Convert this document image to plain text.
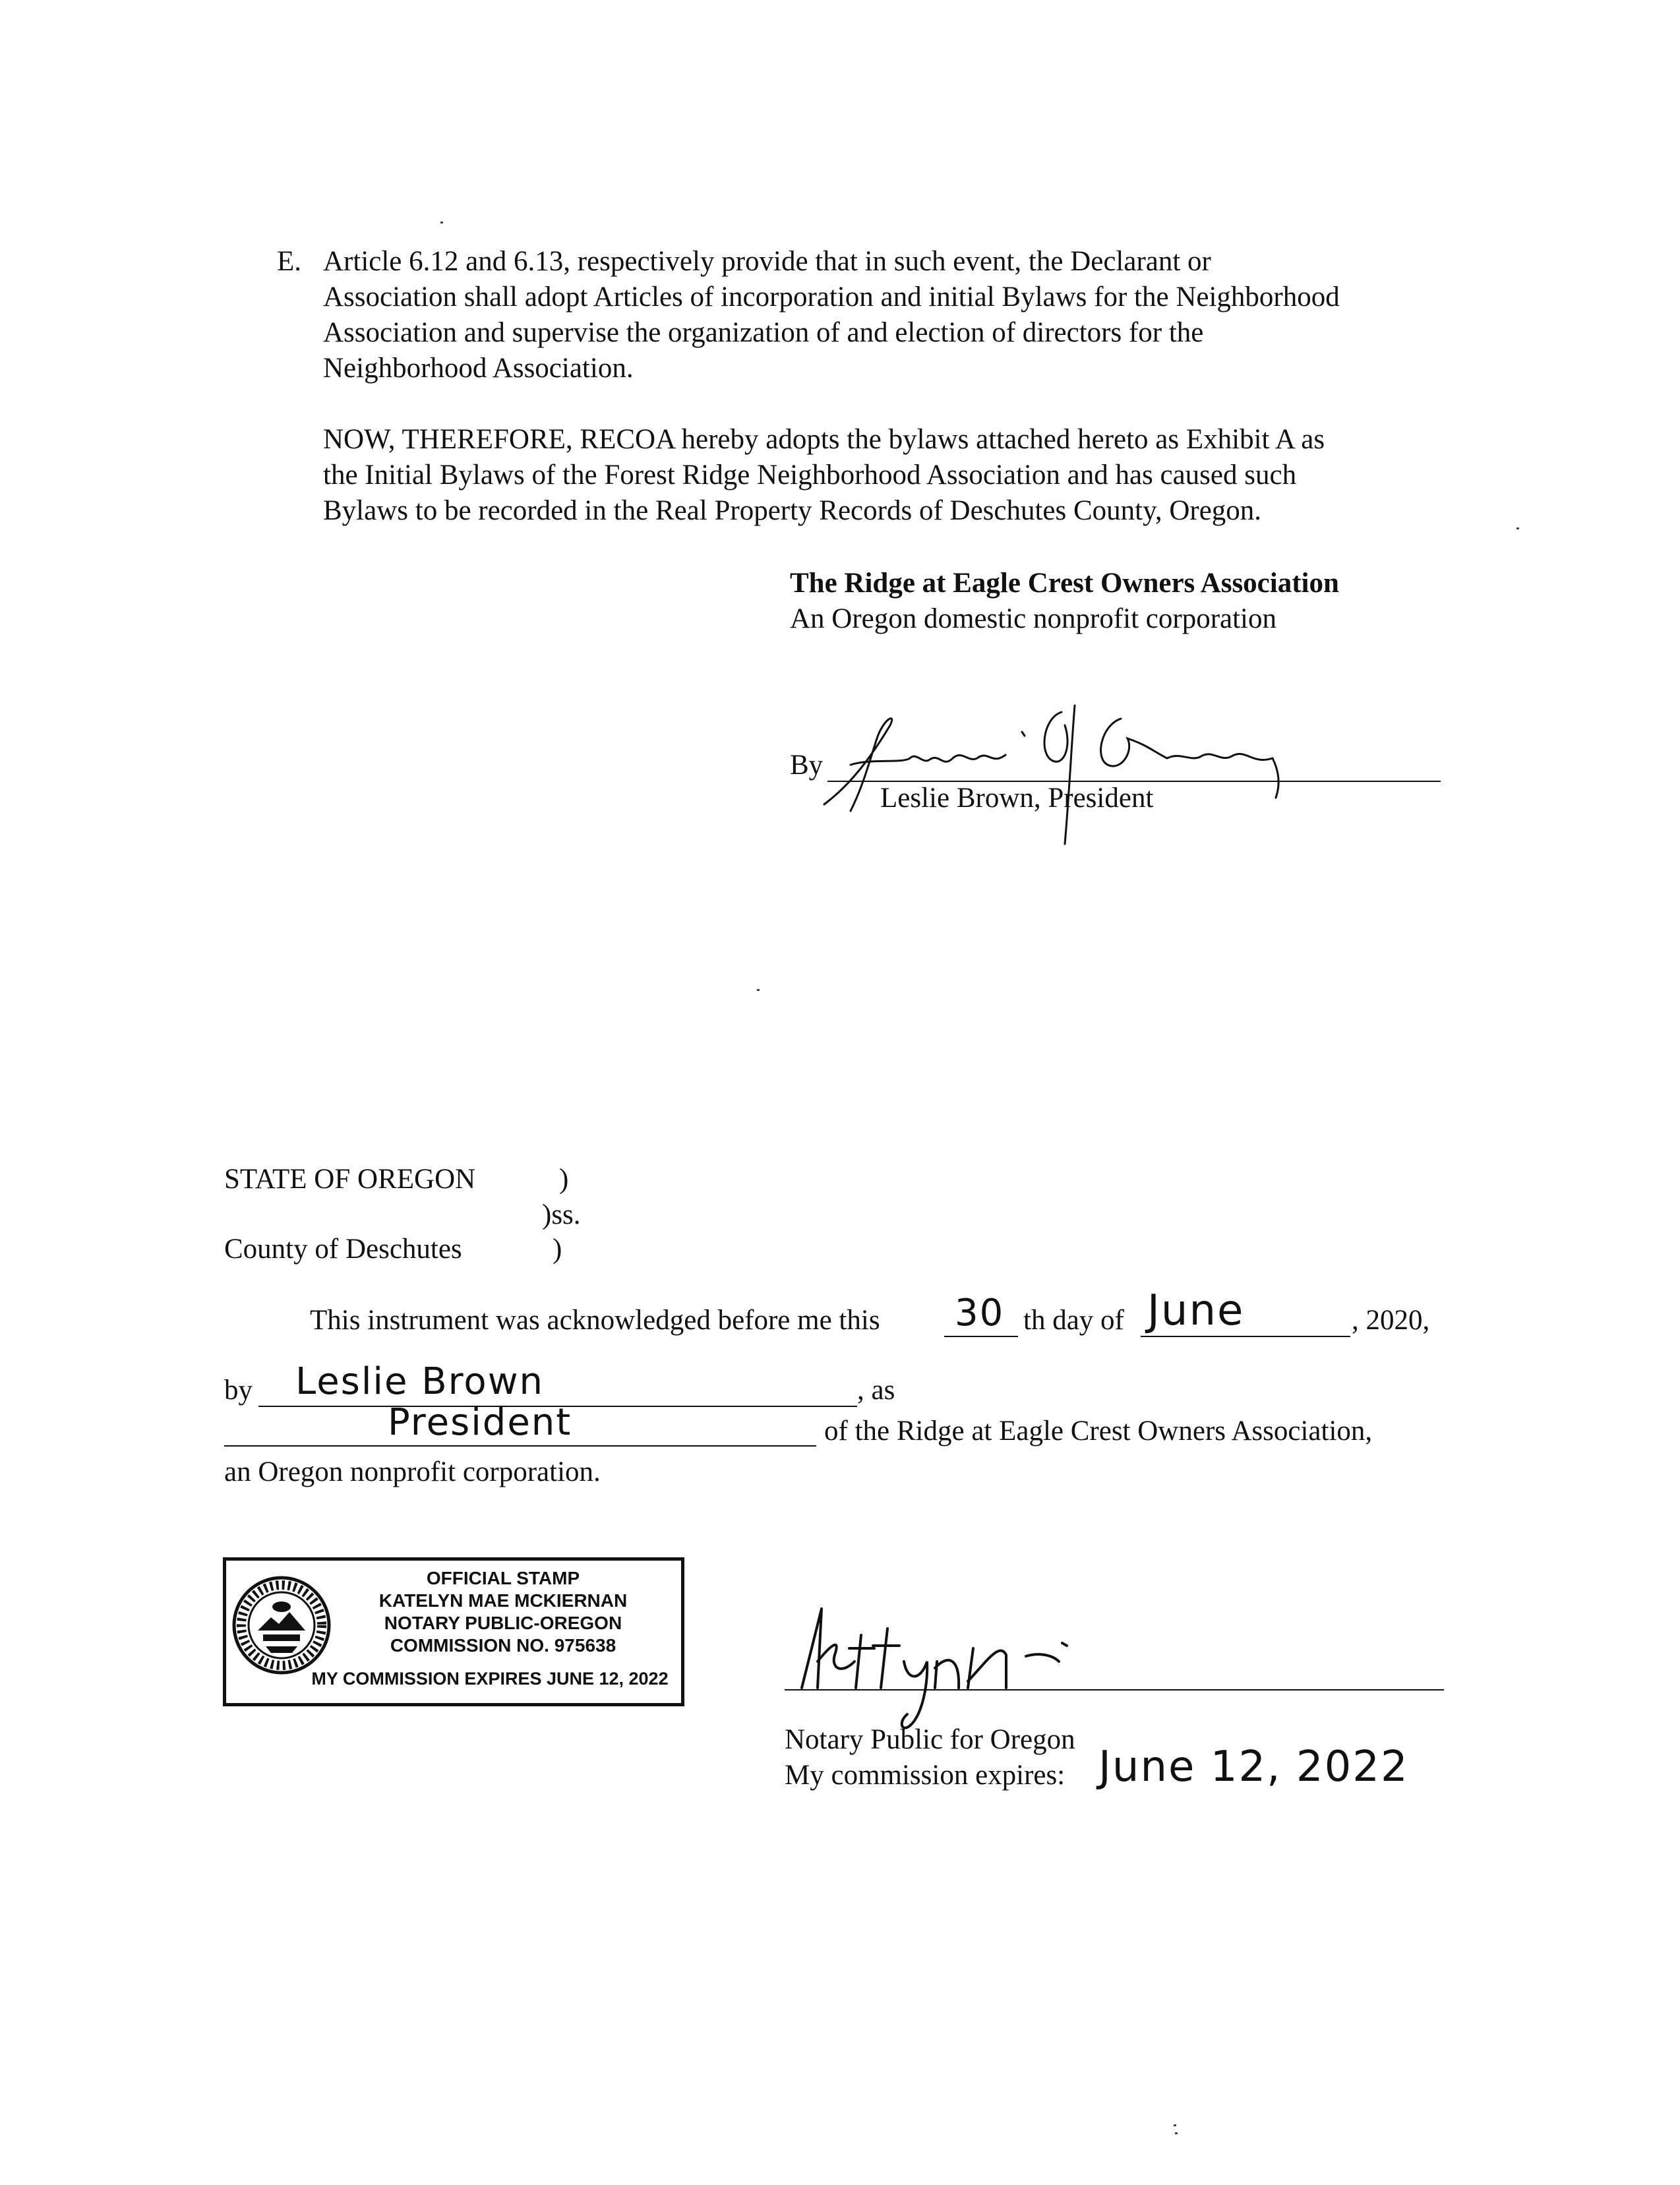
E. Article 6.12 and 6.13, respectively provide that in such event, the Declarant or
Association shall adopt Articles of incorporation and initial Bylaws for the Neighborhood
Association and supervise the organization of and election of directors for the
Neighborhood Association.
NOW, THEREFORE, RECOA hereby adopts the bylaws attached hereto as Exhibit A as
the Initial Bylaws of the Forest Ridge Neighborhood Association and has caused such
Bylaws to be recorded in the Real Property Records of Deschutes County, Oregon.
The Ridge at Eagle Crest Owners Association
An Oregon domestic nonprofit corporation
By
Leslie Brown, President
STATE OF OREGON	)
)ss.
County of Deschutes	)
This instrument was acknowledged before me this 30 th day of June	, 2020,
by Leslie Brown	, as
President	of the Ridge at Eagle Crest Owners Association,
an Oregon nonprofit corporation.
OFFICIAL STAMP
KATELYN MAE MCKIERNAN
NOTARY PUBLIC-OREGON
COMMISSION NO. 975638
MY COMMISSION EXPIRES JUNE 12, 2022
Notary Public for Oregon
My commission expires: June 12, 2022
